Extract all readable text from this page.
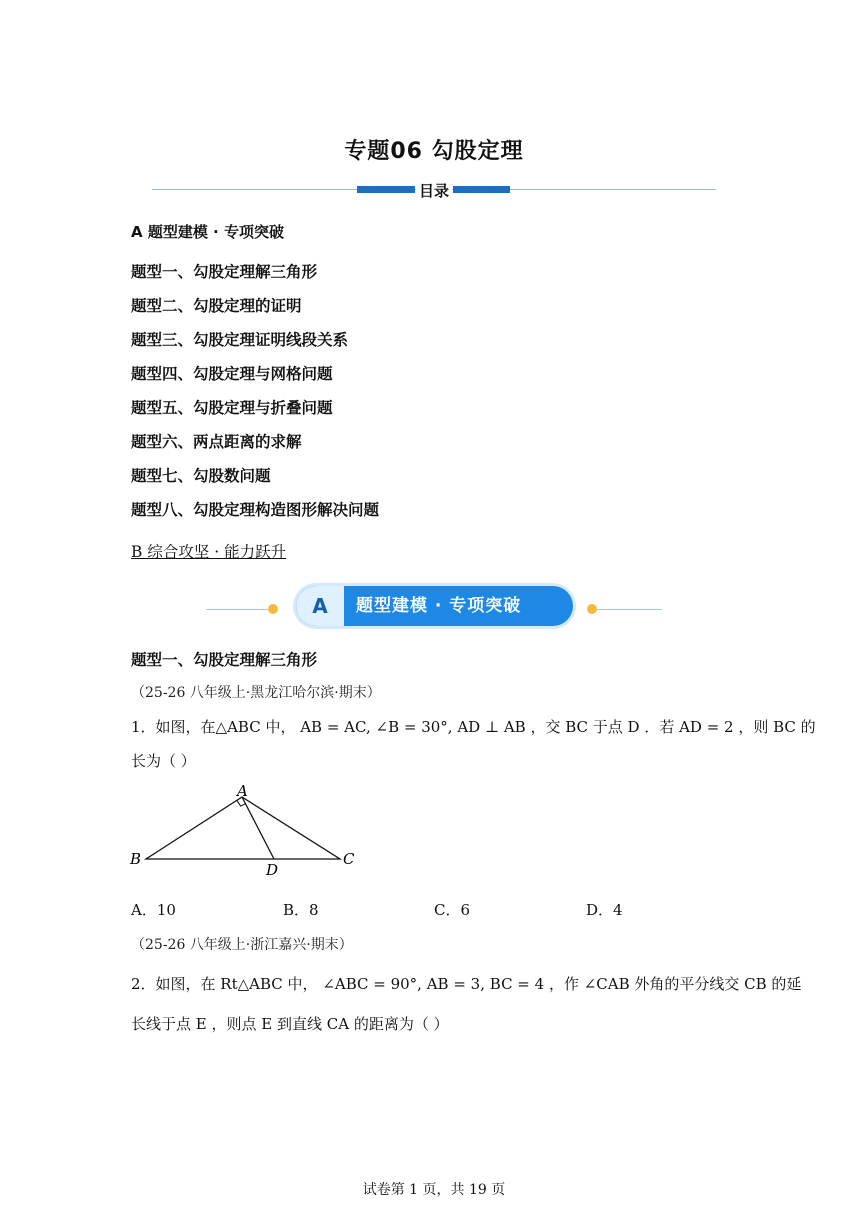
专题06 勾股定理
目录
A 题型建模 · 专项突破
题型一、勾股定理解三角形
题型二、勾股定理的证明
题型三、勾股定理证明线段关系
题型四、勾股定理与网格问题
题型五、勾股定理与折叠问题
题型六、两点距离的求解
题型七、勾股数问题
题型八、勾股定理构造图形解决问题
B 综合攻坚 · 能力跃升
A	题型建模 · 专项突破
题型一、勾股定理解三角形
（25-26 八年级上·黑龙江哈尔滨·期末）
1．如图，在△ABC 中， AB = AC, ∠B = 30°, AD ⊥ AB ，交 BC 于点 D ．若 AD = 2 ，则 BC 的
长为（ ）
A
B	C
D
A．10	B．8	C．6	D．4
（25-26 八年级上·浙江嘉兴·期末）
2．如图，在 Rt△ABC 中， ∠ABC = 90°, AB = 3, BC = 4 ，作 ∠CAB 外角的平分线交 CB 的延
长线于点 E ，则点 E 到直线 CA 的距离为（ ）
试卷第 1 页，共 19 页
